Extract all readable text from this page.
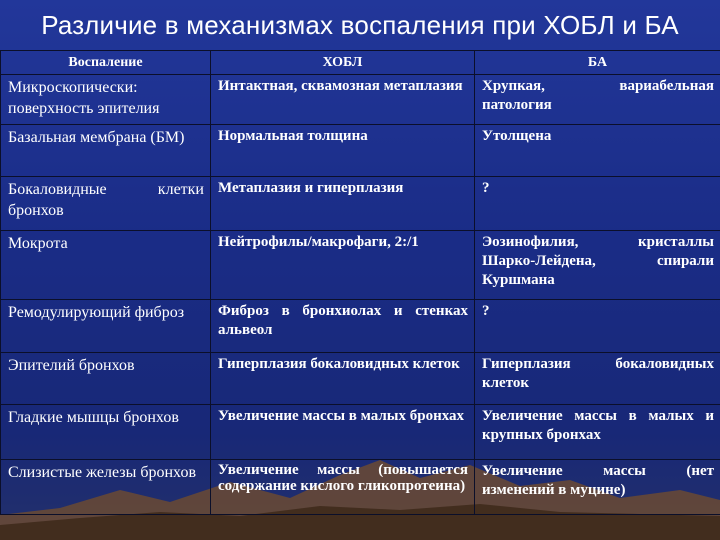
Различие в механизмах воспаления при ХОБЛ и БА
Воспаление	ХОБЛ	БА
Микроскопически: поверхность эпителия	Интактная, сквамозная метаплазия	Хрупкая, вариабельная патология
Базальная мембрана (БМ)	Нормальная толщина	Утолщена
Бокаловидные клетки бронхов	Метаплазия и гиперплазия	?
Мокрота	Нейтрофилы/макрофаги, 2:/1	Эозинофилия, кристаллы Шарко-Лейдена, спирали Куршмана
Ремодулирующий фиброз	Фиброз в бронхиолах и стенках альвеол	?
Эпителий бронхов	Гиперплазия бокаловидных клеток	Гиперплазия бокаловидных клеток
Гладкие мышцы бронхов	Увеличение массы в малых бронхах	Увеличение массы в малых и крупных бронхах
Слизистые железы бронхов	Увеличение массы (повышается содержание кислого гликопротеина)	Увеличение массы (нет изменений в муцине)
